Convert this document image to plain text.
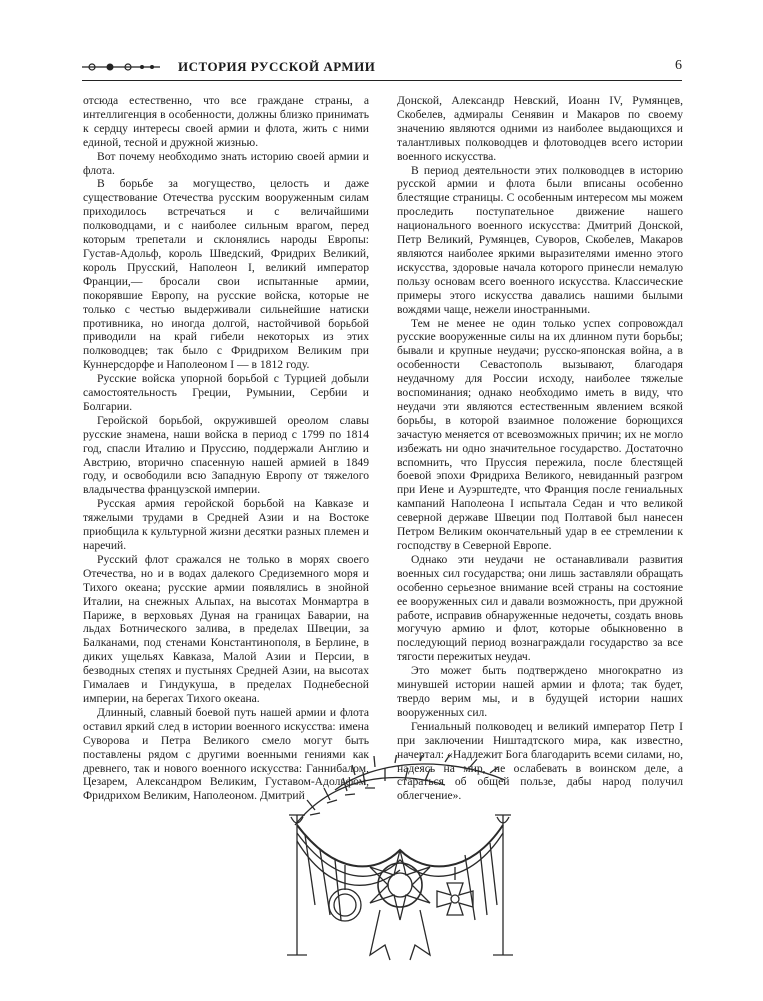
ИСТОРИЯ РУССКОЙ АРМИИ	6

отсюда естественно, что все граждане страны, а интеллигенция в особенности, должны близко принимать к сердцу интересы своей армии и флота, жить с ними единой, тесной и дружной жизнью.

Вот почему необходимо знать историю своей армии и флота.

В борьбе за могущество, целость и даже существование Отечества русским вооруженным силам приходилось встречаться и с величайшими полководцами, и с наиболее сильным врагом, перед которым трепетали и склонялись народы Европы: Густав-Адольф, король Шведский, Фридрих Великий, король Прусский, Наполеон I, великий император Франции,— бросали свои испытанные армии, покорявшие Европу, на русские войска, которые не только с честью выдерживали сильнейшие натиски противника, но иногда долгой, настойчивой борьбой приводили на край гибели некоторых из этих полководцев; так было с Фридрихом Великим при Куннерсдорфе и Наполеоном I — в 1812 году.

Русские войска упорной борьбой с Турцией добыли самостоятельность Греции, Румынии, Сербии и Болгарии.

Геройской борьбой, окружившей ореолом славы русские знамена, наши войска в период с 1799 по 1814 год, спасли Италию и Пруссию, поддержали Англию и Австрию, вторично спасенную нашей армией в 1849 году, и освободили всю Западную Европу от тяжелого владычества французской империи.

Русская армия геройской борьбой на Кавказе и тяжелыми трудами в Средней Азии и на Востоке приобщила к культурной жизни десятки разных племен и наречий.

Русский флот сражался не только в морях своего Отечества, но и в водах далекого Средиземного моря и Тихого океана; русские армии появлялись в знойной Италии, на снежных Альпах, на высотах Монмартра в Париже, в верховьях Дуная на границах Баварии, на льдах Ботнического залива, в пределах Швеции, за Балканами, под стенами Константинополя, в Берлине, в диких ущельях Кавказа, Малой Азии и Персии, в безводных степях и пустынях Средней Азии, на высотах Гималаев и Гиндукуша, в пределах Поднебесной империи, на берегах Тихого океана.

Длинный, славный боевой путь нашей армии и флота оставил яркий след в истории военного искусства: имена Суворова и Петра Великого смело могут быть поставлены рядом с другими военными гениями как древнего, так и нового военного искусства: Ганнибалом, Цезарем, Александром Великим, Густавом-Адольфом, Фридрихом Великим, Наполеоном. Дмитрий

Донской, Александр Невский, Иоанн IV, Румянцев, Скобелев, адмиралы Сенявин и Макаров по своему значению являются одними из наиболее выдающихся и талантливых полководцев и флотоводцев всего истории военного искусства.

В период деятельности этих полководцев в историю русской армии и флота были вписаны особенно блестящие страницы. С особенным интересом мы можем проследить поступательное движение нашего национального военного искусства: Дмитрий Донской, Петр Великий, Румянцев, Суворов, Скобелев, Макаров являются наиболее яркими выразителями именно этого искусства, здоровые начала которого принесли немалую пользу основам всего военного искусства. Классические примеры этого искусства давались нашими былыми вождями чаще, нежели иностранными.

Тем не менее не один только успех сопровождал русские вооруженные силы на их длинном пути борьбы; бывали и крупные неудачи; русско-японская война, а в особенности Севастополь вызывают, благодаря неудачному для России исходу, наиболее тяжелые воспоминания; однако необходимо иметь в виду, что неудачи эти являются естественным явлением всякой борьбы, в которой взаимное положение борющихся зачастую меняется от всевозможных причин; их не могло избежать ни одно значительное государство. Достаточно вспомнить, что Пруссия пережила, после блестящей боевой эпохи Фридриха Великого, невиданный разгром при Иене и Ауэрштедте, что Франция после гениальных кампаний Наполеона I испытала Седан и что великой северной державе Швеции под Полтавой был нанесен Петром Великим окончательный удар в ее стремлении к господству в Северной Европе.

Однако эти неудачи не останавливали развития военных сил государства; они лишь заставляли обращать особенно серьезное внимание всей страны на состояние ее вооруженных сил и давали возможность, при дружной работе, исправив обнаруженные недочеты, создать вновь могучую армию и флот, которые обыкновенно в последующий период вознаграждали государство за все тягости пережитых неудач.

Это может быть подтверждено многократно из минувшей истории нашей армии и флота; так будет, твердо верим мы, и в будущей истории наших вооруженных сил.

Гениальный полководец и великий император Петр I при заключении Ништадтского мира, как известно, начертал: «Надлежит Бога благодарить всеми силами, но, надеясь на мир, не ослабевать в воинском деле, а стараться об общей пользе, дабы народ получил облегчение».
